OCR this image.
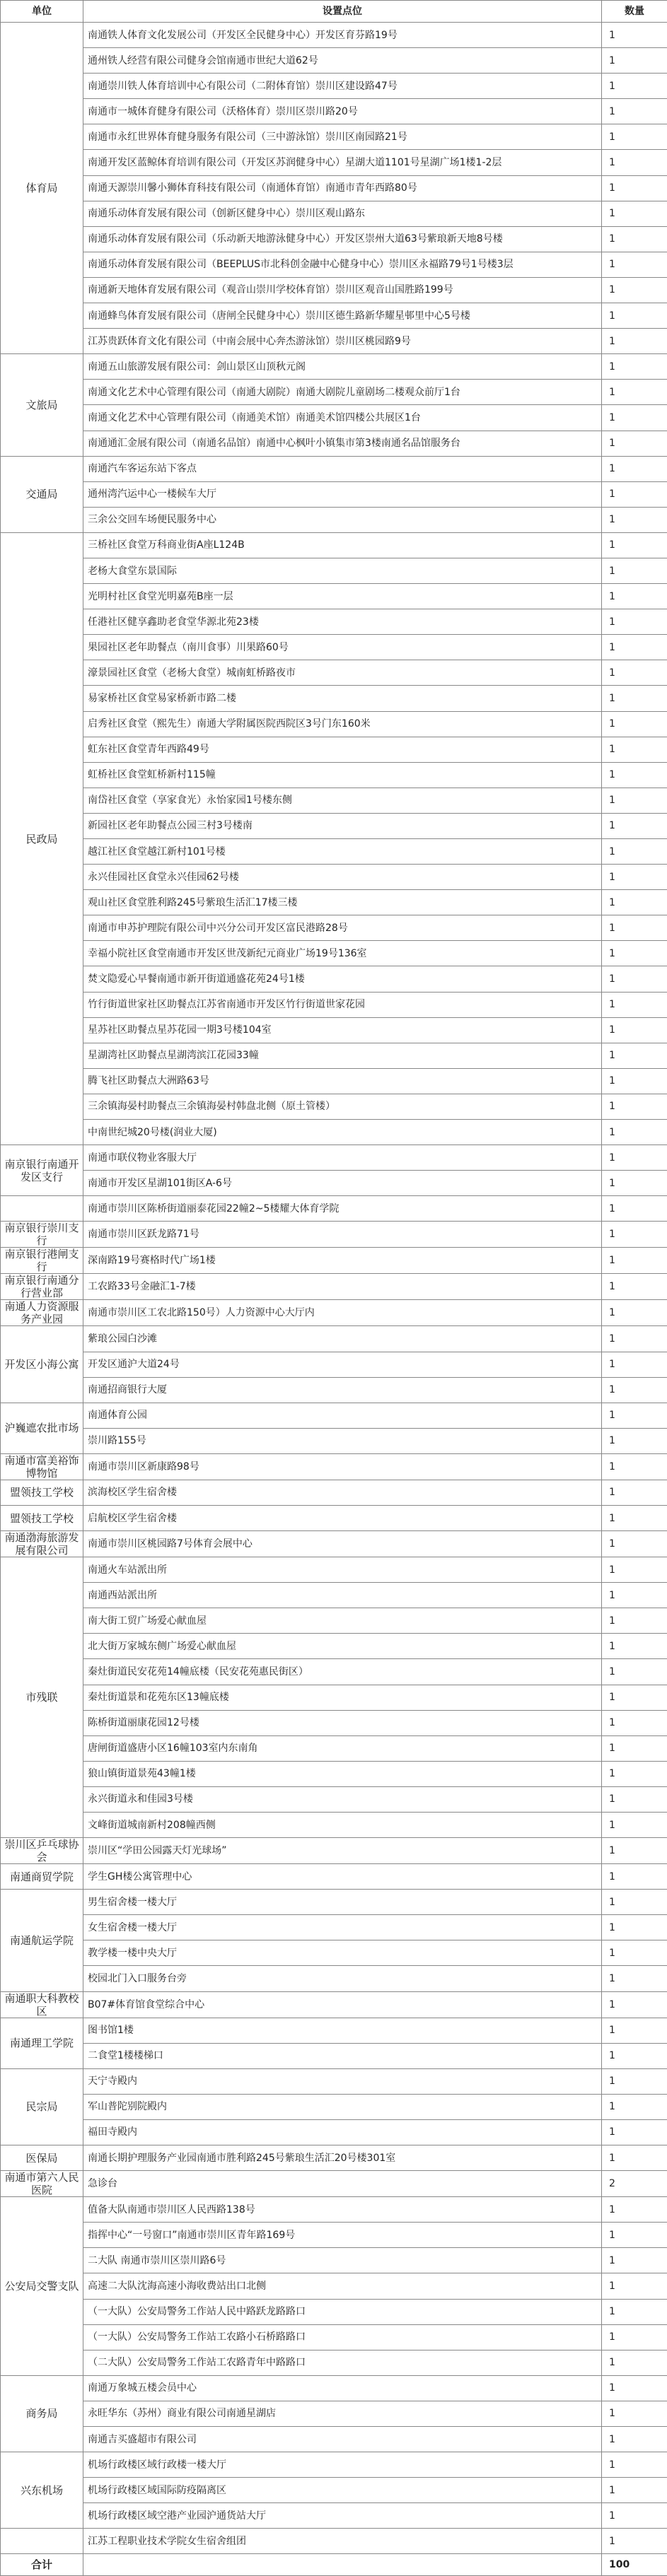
单位	设置点位	数量
体育局	南通铁人体育文化发展公司（开发区全民健身中心）开发区育芬路19号	1
	通州铁人经营有限公司健身会馆南通市世纪大道62号	1
	南通崇川铁人体育培训中心有限公司（二附体育馆）崇川区建设路47号	1
	南通市一城体育健身有限公司（沃格体育）崇川区崇川路20号	1
	南通市永红世界体育健身服务有限公司（三中游泳馆）崇川区南园路21号	1
	南通开发区蓝鲸体育培训有限公司（开发区苏润健身中心）星湖大道1101号星湖广场1楼1-2层	1
	南通天源崇川馨小狮体育科技有限公司（南通体育馆）南通市青年西路80号	1
	南通乐动体育发展有限公司（创新区健身中心）崇川区观山路东	1
	南通乐动体育发展有限公司（乐动新天地游泳健身中心）开发区崇州大道63号紫琅新天地8号楼	1
	南通乐动体育发展有限公司（BEEPLUS市北科创金融中心健身中心）崇川区永福路79号1号楼3层	1
	南通新天地体育发展有限公司（观音山崇川学校体育馆）崇川区观音山国胜路199号	1
	南通蜂鸟体育发展有限公司（唐闸全民健身中心）崇川区德生路新华耀星邨里中心5号楼	1
	江苏贵跃体育文化有限公司（中南会展中心奔杰游泳馆）崇川区桃园路9号	1
文旅局	南通五山旅游发展有限公司：剑山景区山顶秋元阁	1
	南通文化艺术中心管理有限公司（南通大剧院）南通大剧院儿童剧场二楼观众前厅1台	1
	南通文化艺术中心管理有限公司（南通美术馆）南通美术馆四楼公共展区1台	1
	南通通汇金展有限公司（南通名品馆）南通中心枫叶小镇集市第3楼南通名品馆服务台	1
交通局	南通汽车客运东站下客点	1
	通州湾汽运中心一楼候车大厅	1
	三余公交回车场便民服务中心	1
民政局	三桥社区食堂万科商业街A座L124B	1
	老杨大食堂东景国际	1
	光明村社区食堂光明嘉苑B座一层	1
	任港社区健享鑫助老食堂华源北苑23楼	1
	果园社区老年助餐点（南川食事）川果路60号	1
	濠景园社区食堂（老杨大食堂）城南虹桥路夜市	1
	易家桥社区食堂易家桥新市路二楼	1
	启秀社区食堂（熙先生）南通大学附属医院西院区3号门东160米	1
	虹东社区食堂青年西路49号	1
	虹桥社区食堂虹桥新村115幢	1
	南岱社区食堂（享家食光）永怡家园1号楼东侧	1
	新园社区老年助餐点公园三村3号楼南	1
	越江社区食堂越江新村101号楼	1
	永兴佳园社区食堂永兴佳园62号楼	1
	观山社区食堂胜利路245号紫琅生活汇17楼三楼	1
	南通市申苏护理院有限公司中兴分公司开发区富民港路28号	1
	幸福小院社区食堂南通市开发区世茂新纪元商业广场19号136室	1
	焚文隐爱心早餐南通市新开街道通盛花苑24号1楼	1
	竹行街道世家社区助餐点江苏省南通市开发区竹行街道世家花园	1
	星苏社区助餐点星苏花园一期3号楼104室	1
	星湖湾社区助餐点星湖湾滨江花园33幢	1
	腾飞社区助餐点大洲路63号	1
	三余镇海晏村助餐点三余镇海晏村韩盘北侧（原土管楼）	1
	中南世纪城20号楼(润业大厦)	1
南京银行南通开发区支行	南通市联仪物业客服大厅	1
	南通市开发区星湖101街区A-6号	1
	南通市崇川区陈桥街道丽泰花园22幢2~5楼耀大体育学院	1
南京银行崇川支行	南通市崇川区跃龙路71号	1
南京银行港闸支行	深南路19号赛格时代广场1楼	1
南京银行南通分行营业部	工农路33号金融汇1-7楼	1
南通人力资源服务产业园	南通市崇川区工农北路150号）人力资源中心大厅内	1
开发区小海公寓	紫琅公园白沙滩	1
	开发区通沪大道24号	1
	南通招商银行大厦	1
沪巍遮农批市场	南通体育公园	1
	崇川路155号	1
南通市富美裕饰博物馆	南通市崇川区新康路98号	1
盟领技工学校	滨海校区学生宿舍楼	1
盟领技工学校	启航校区学生宿舍楼	1
南通渤海旅游发展有限公司	南通市崇川区桃园路7号体育会展中心	1
市残联	南通火车站派出所	1
	南通西站派出所	1
	南大街工贸广场爱心献血屋	1
	北大街万家城东侧广场爱心献血屋	1
	秦灶街道民安花苑14幢底楼（民安花苑惠民街区）	1
	秦灶街道景和花苑东区13幢底楼	1
	陈桥街道丽康花园12号楼	1
	唐闸街道盛唐小区16幢103室内东南角	1
	狼山镇街道景苑43幢1楼	1
	永兴街道永和佳园3号楼	1
	文峰街道城南新村208幢西侧	1
崇川区乒乓球协会	崇川区“学田公园露天灯光球场”	1
南通商贸学院	学生GH楼公寓管理中心	1
南通航运学院	男生宿舍楼一楼大厅	1
	女生宿舍楼一楼大厅	1
	教学楼一楼中央大厅	1
	校园北门入口服务台旁	1
南通职大科教校区	B07#体育馆食堂综合中心	1
南通理工学院	图书馆1楼	1
	二食堂1楼楼梯口	1
民宗局	天宁寺殿内	1
	军山普陀别院殿内	1
	福田寺殿内	1
医保局	南通长期护理服务产业园南通市胜利路245号紫琅生活汇20号楼301室	1
南通市第六人民医院	急诊台	2
公安局交警支队	值备大队南通市崇川区人民西路138号	1
	指挥中心“一号窗口”南通市崇川区青年路169号	1
	二大队 南通市崇川区崇川路6号	1
	高速二大队沈海高速小海收费站出口北侧	1
	（一大队）公安局警务工作站人民中路跃龙路路口	1
	（一大队）公安局警务工作站工农路小石桥路路口	1
	（二大队）公安局警务工作站工农路青年中路路口	1
商务局	南通万象城五楼会员中心	1
	永旺华东（苏州）商业有限公司南通星湖店	1
	南通吉买盛超市有限公司	1
兴东机场	机场行政楼区域行政楼一楼大厅	1
	机场行政楼区域国际防疫隔离区	1
	机场行政楼区域空港产业园沪通货站大厅	1
	江苏工程职业技术学院女生宿舍组团	1
合计		100
